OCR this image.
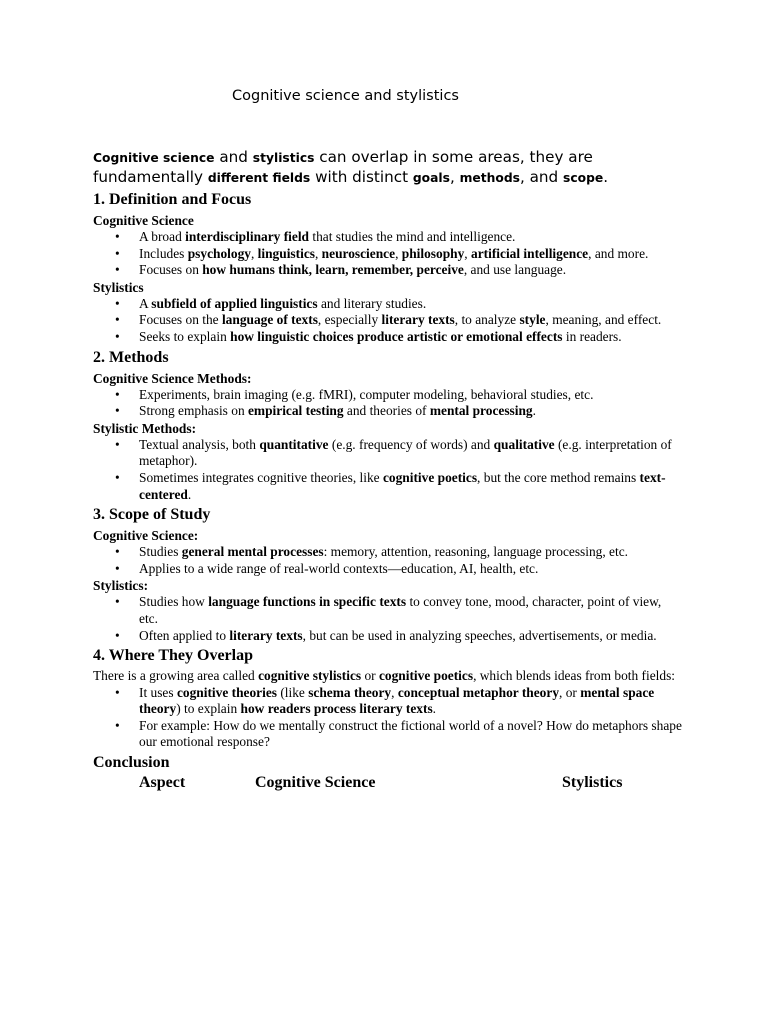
Cognitive science and stylistics

Cognitive science and stylistics can overlap in some areas, they are fundamentally different fields with distinct goals, methods, and scope.

1. Definition and Focus
Cognitive Science
• A broad interdisciplinary field that studies the mind and intelligence.
• Includes psychology, linguistics, neuroscience, philosophy, artificial intelligence, and more.
• Focuses on how humans think, learn, remember, perceive, and use language.
Stylistics
• A subfield of applied linguistics and literary studies.
• Focuses on the language of texts, especially literary texts, to analyze style, meaning, and effect.
• Seeks to explain how linguistic choices produce artistic or emotional effects in readers.
2. Methods
Cognitive Science Methods:
• Experiments, brain imaging (e.g. fMRI), computer modeling, behavioral studies, etc.
• Strong emphasis on empirical testing and theories of mental processing.
Stylistic Methods:
• Textual analysis, both quantitative (e.g. frequency of words) and qualitative (e.g. interpretation of metaphor).
• Sometimes integrates cognitive theories, like cognitive poetics, but the core method remains text-centered.
3. Scope of Study
Cognitive Science:
• Studies general mental processes: memory, attention, reasoning, language processing, etc.
• Applies to a wide range of real-world contexts—education, AI, health, etc.
Stylistics:
• Studies how language functions in specific texts to convey tone, mood, character, point of view, etc.
• Often applied to literary texts, but can be used in analyzing speeches, advertisements, or media.
4. Where They Overlap

There is a growing area called cognitive stylistics or cognitive poetics, which blends ideas from both fields:

• It uses cognitive theories (like schema theory, conceptual metaphor theory, or mental space theory) to explain how readers process literary texts.
• For example: How do we mentally construct the fictional world of a novel? How do metaphors shape our emotional response?
Conclusion
Aspect	Cognitive Science	Stylistics
